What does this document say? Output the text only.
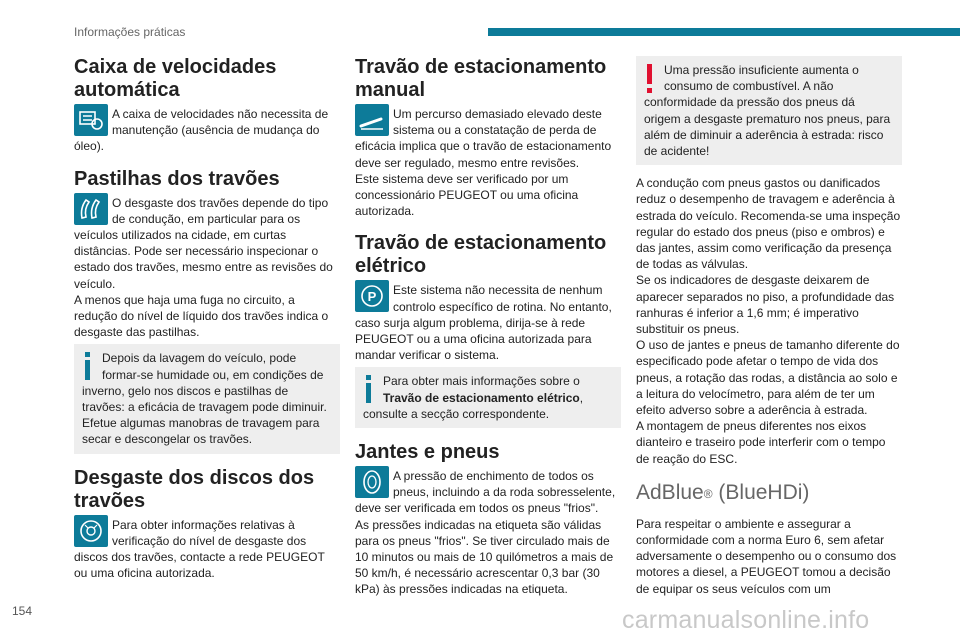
Informações práticas
Caixa de velocidades automática

A caixa de velocidades não necessita de manutenção (ausência de mudança do óleo).

Pastilhas dos travões

O desgaste dos travões depende do tipo de condução, em particular para os veículos utilizados na cidade, em curtas distâncias. Pode ser necessário inspecionar o estado dos travões, mesmo entre as revisões do veículo.

A menos que haja uma fuga no circuito, a redução do nível de líquido dos travões indica o desgaste das pastilhas.

Depois da lavagem do veículo, pode formar-se humidade ou, em condições de inverno, gelo nos discos e pastilhas de travões: a eficácia de travagem pode diminuir. Efetue algumas manobras de travagem para secar e descongelar os travões.
Desgaste dos discos dos travões

Para obter informações relativas à verificação do nível de desgaste dos discos dos travões, contacte a rede PEUGEOT ou uma oficina autorizada.

Travão de estacionamento manual

Um percurso demasiado elevado deste sistema ou a constatação de perda de eficácia implica que o travão de estacionamento deve ser regulado, mesmo entre revisões.

Este sistema deve ser verificado por um concessionário PEUGEOT ou uma oficina autorizada.

Travão de estacionamento elétrico
P	Este sistema não necessita de nenhum controlo específico de rotina. No entanto, caso surja algum problema, dirija-se à rede PEUGEOT ou a uma oficina autorizada para mandar verificar o sistema.

Para obter mais informações sobre o Travão de estacionamento elétrico, consulte a secção correspondente.
Jantes e pneus

A pressão de enchimento de todos os pneus, incluindo a da roda sobresselente, deve ser verificada em todos os pneus "frios".

As pressões indicadas na etiqueta são válidas para os pneus "frios". Se tiver circulado mais de 10 minutos ou mais de 10 quilómetros a mais de 50 km/h, é necessário acrescentar 0,3 bar (30 kPa) às pressões indicadas na etiqueta.

Uma pressão insuficiente aumenta o consumo de combustível. A não conformidade da pressão dos pneus dá origem a desgaste prematuro nos pneus, para além de diminuir a aderência à estrada: risco de acidente!

A condução com pneus gastos ou danificados reduz o desempenho de travagem e aderência à estrada do veículo. Recomenda-se uma inspeção regular do estado dos pneus (piso e ombros) e das jantes, assim como verificação da presença de todas as válvulas.

Se os indicadores de desgaste deixarem de aparecer separados no piso, a profundidade das ranhuras é inferior a 1,6 mm; é imperativo substituir os pneus.

O uso de jantes e pneus de tamanho diferente do especificado pode afetar o tempo de vida dos pneus, a rotação das rodas, a distância ao solo e a leitura do velocímetro, para além de ter um efeito adverso sobre a aderência à estrada.

A montagem de pneus diferentes nos eixos dianteiro e traseiro pode interferir com o tempo de reação do ESC.

AdBlue® (BlueHDi)

Para respeitar o ambiente e assegurar a conformidade com a norma Euro 6, sem afetar adversamente o desempenho ou o consumo dos motores a diesel, a PEUGEOT tomou a decisão de equipar os seus veículos com um

154	carmanualsonline.info
